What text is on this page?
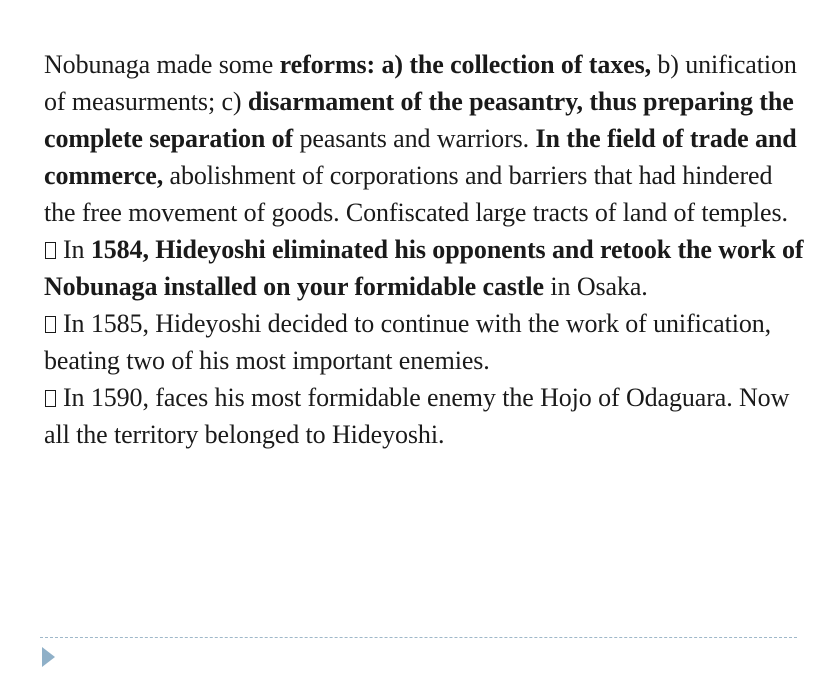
Nobunaga made some reforms: a) the collection of taxes, b) unification of measurments; c) disarmament of the peasantry, thus preparing the complete separation of peasants and warriors. In the field of trade and commerce, abolishment of corporations and barriers that had hindered the free movement of goods. Confiscated large tracts of land of temples.

In 1584, Hideyoshi eliminated his opponents and retook the work of Nobunaga installed on your formidable castle in Osaka.

In 1585, Hideyoshi decided to continue with the work of unification, beating two of his most important enemies.

In 1590, faces his most formidable enemy the Hojo of Odaguara. Now all the territory belonged to Hideyoshi.
